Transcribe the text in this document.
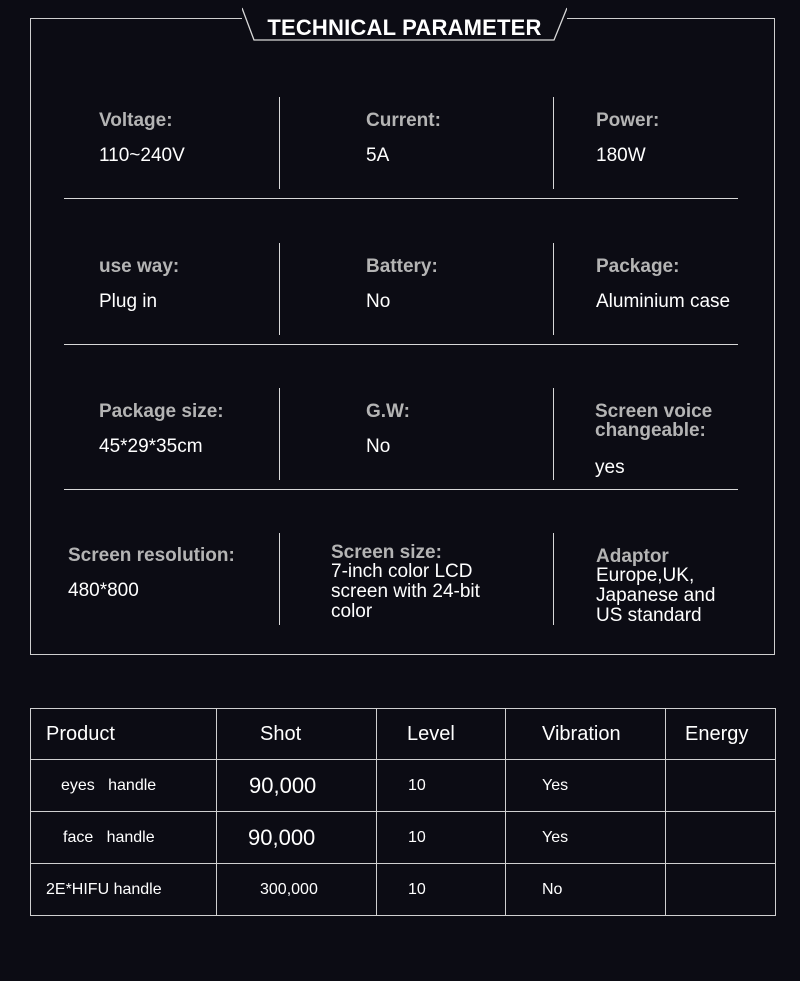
TECHNICAL PARAMETER
Voltage:
110~240V
Current:
5A
Power:
180W
use way:
Plug in
Battery:
No
Package:
Aluminium case
Package size:
45*29*35cm
G.W:
No
Screen voice
changeable:
yes
Screen resolution:
480*800
Screen size:
7-inch color LCD
screen with 24-bit
color
Adaptor
Europe,UK,
Japanese and
US standard
Product	Shot	Level	Vibration	Energy
eyes   handle	90,000	10	Yes	
face   handle	90,000	10	Yes	
2E*HIFU handle	300,000	10	No	
